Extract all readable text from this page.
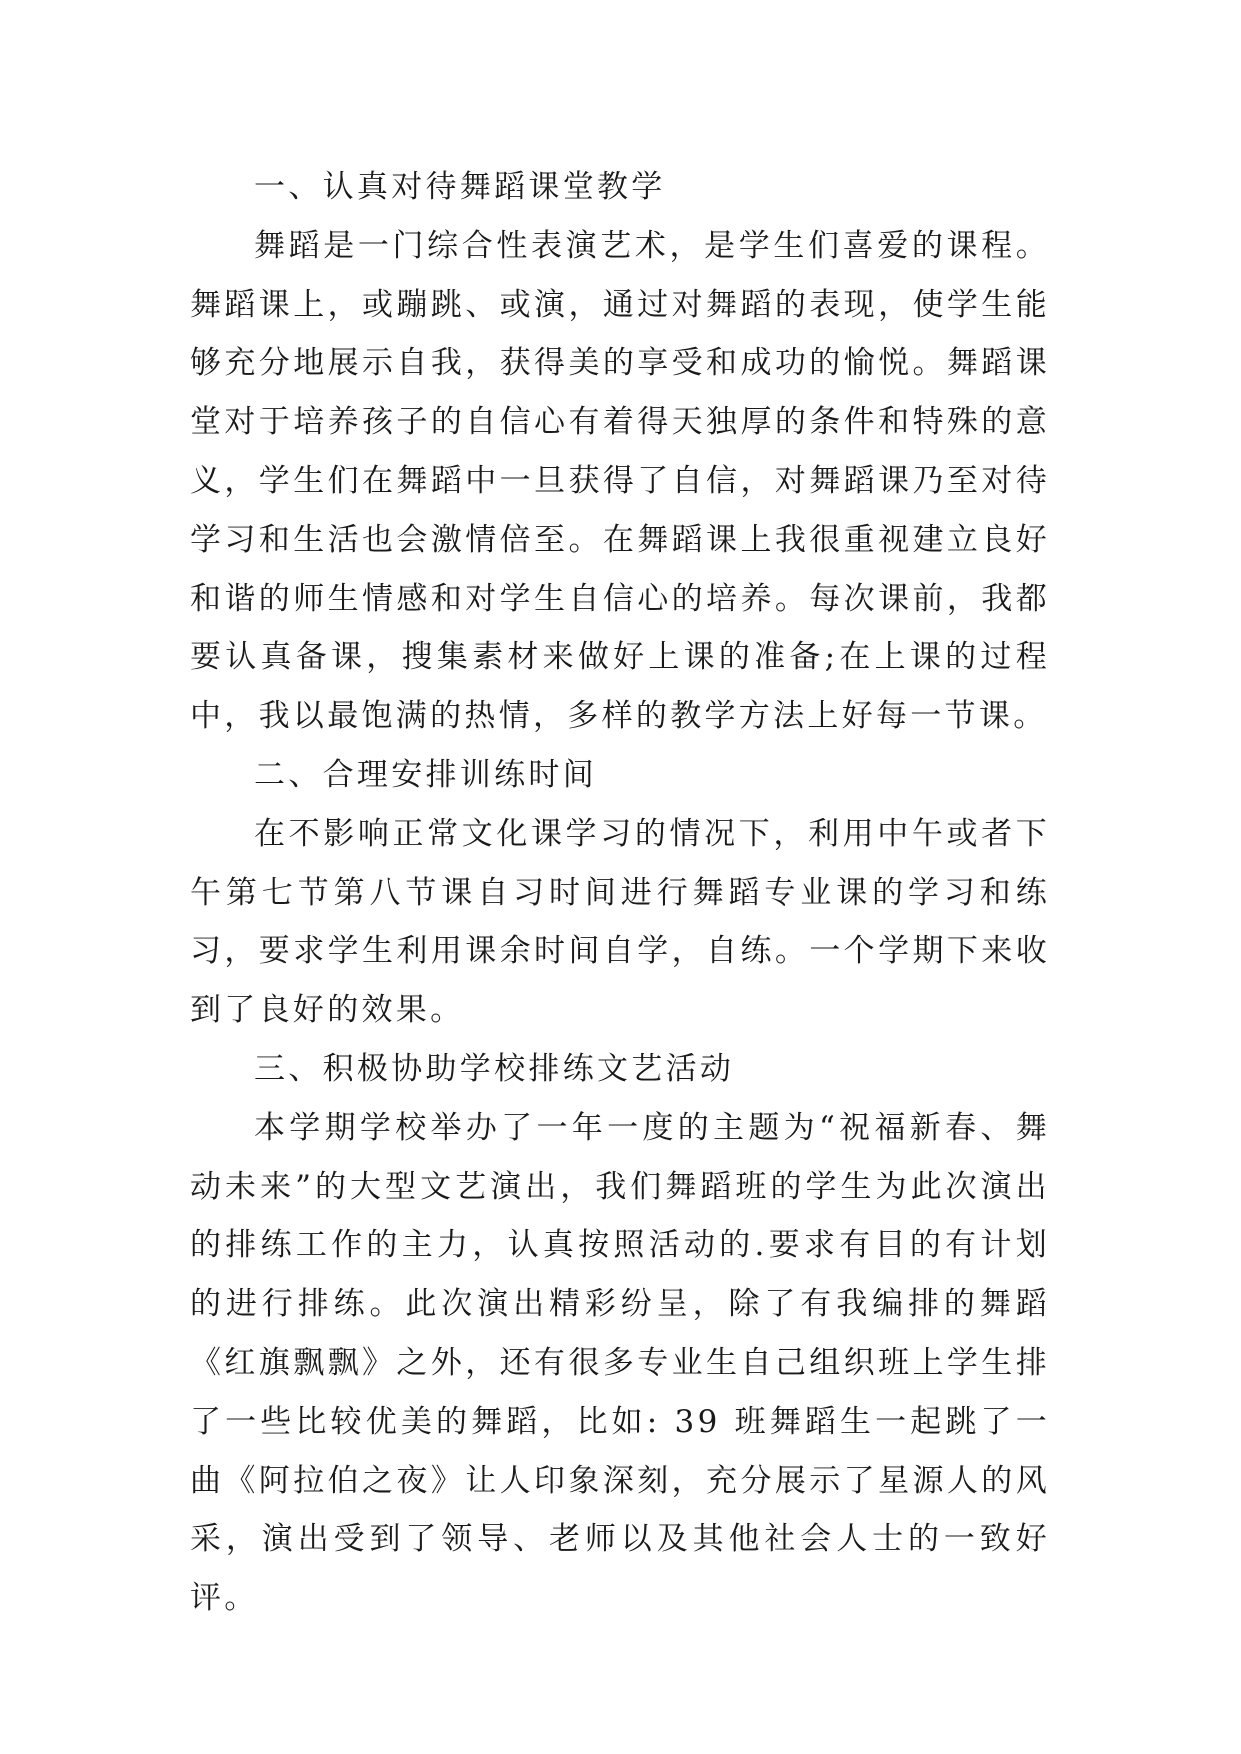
一、认真对待舞蹈课堂教学

舞蹈是一门综合性表演艺术，是学生们喜爱的课程。舞蹈课上，或蹦跳、或演，通过对舞蹈的表现，使学生能够充分地展示自我，获得美的享受和成功的愉悦。舞蹈课堂对于培养孩子的自信心有着得天独厚的条件和特殊的意义，学生们在舞蹈中一旦获得了自信，对舞蹈课乃至对待学习和生活也会激情倍至。在舞蹈课上我很重视建立良好和谐的师生情感和对学生自信心的培养。每次课前，我都要认真备课，搜集素材来做好上课的准备;在上课的过程中，我以最饱满的热情，多样的教学方法上好每一节课。

二、合理安排训练时间

在不影响正常文化课学习的情况下，利用中午或者下午第七节第八节课自习时间进行舞蹈专业课的学习和练习，要求学生利用课余时间自学，自练。一个学期下来收到了良好的效果。

三、积极协助学校排练文艺活动

本学期学校举办了一年一度的主题为“祝福新春、舞动未来”的大型文艺演出，我们舞蹈班的学生为此次演出的排练工作的主力，认真按照活动的.要求有目的有计划的进行排练。此次演出精彩纷呈，除了有我编排的舞蹈《红旗飘飘》之外，还有很多专业生自己组织班上学生排了一些比较优美的舞蹈，比如: 39 班舞蹈生一起跳了一曲《阿拉伯之夜》让人印象深刻，充分展示了星源人的风采，演出受到了领导、老师以及其他社会人士的一致好评。
